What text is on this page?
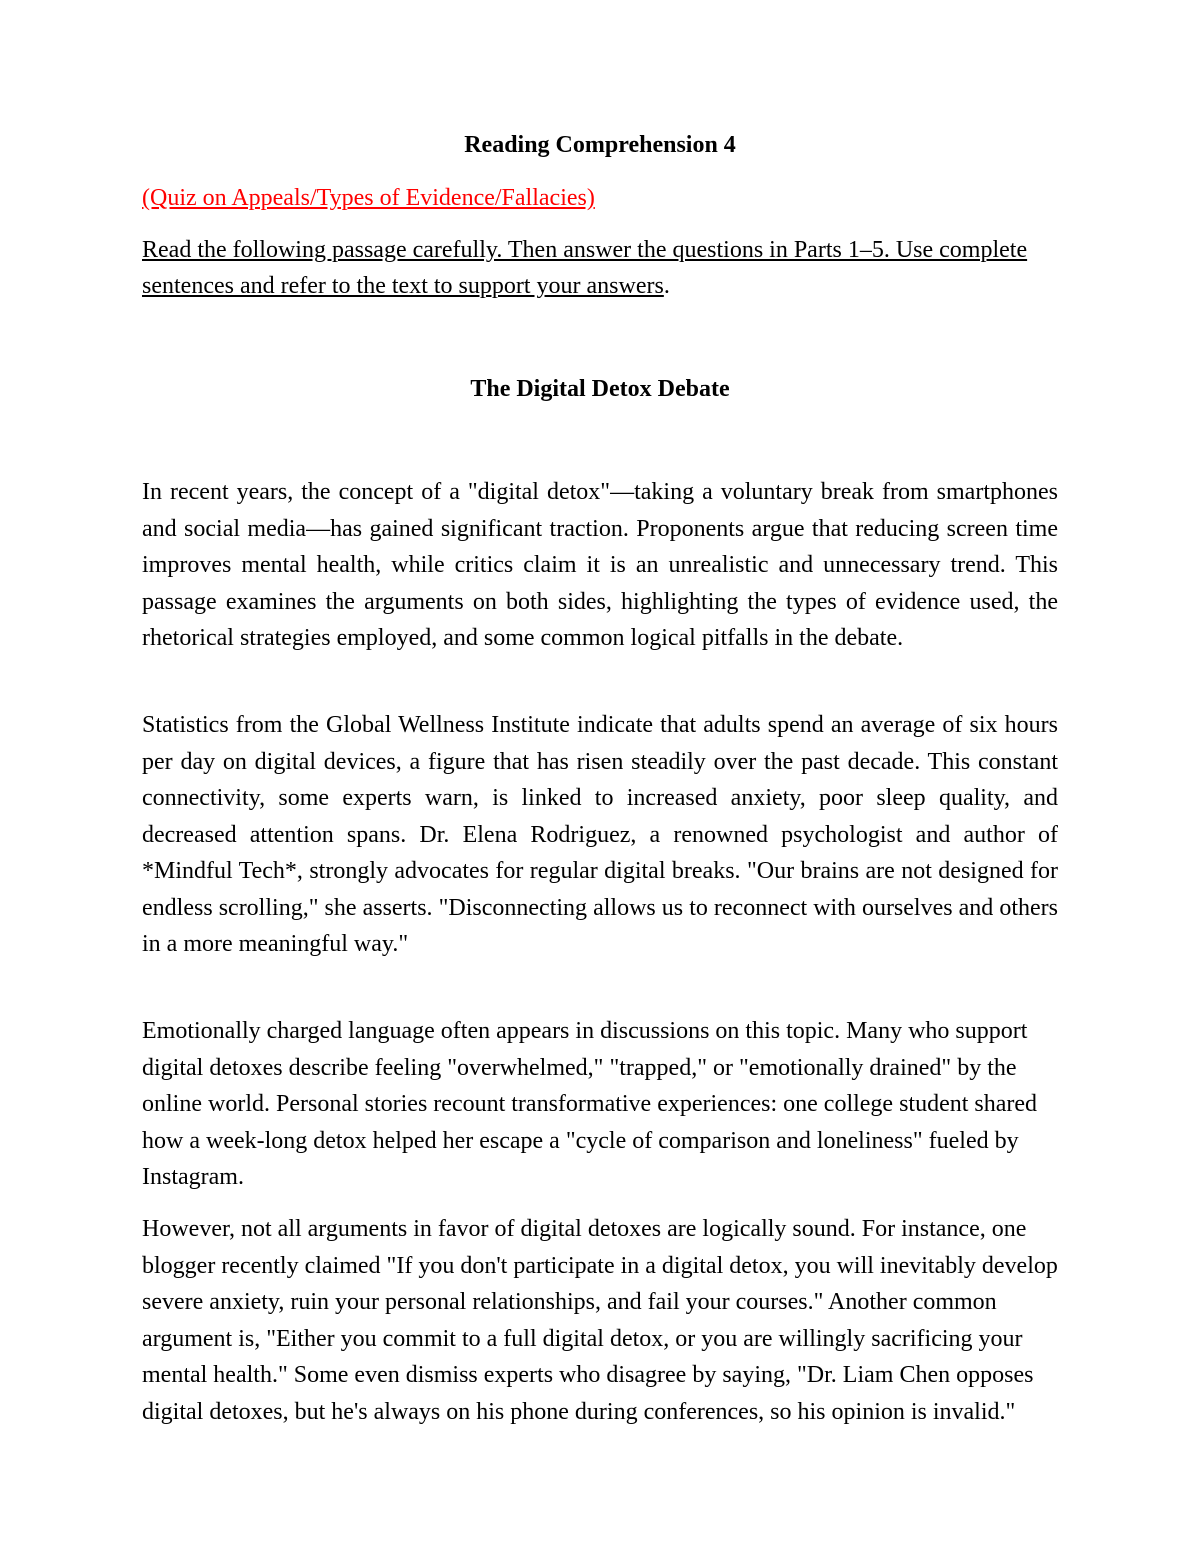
Reading Comprehension 4
(Quiz on Appeals/Types of Evidence/Fallacies)
Read the following passage carefully. Then answer the questions in Parts 1–5. Use complete sentences and refer to the text to support your answers.
The Digital Detox Debate

In recent years, the concept of a "digital detox"—taking a voluntary break from smartphones and social media—has gained significant traction. Proponents argue that reducing screen time improves mental health, while critics claim it is an unrealistic and unnecessary trend. This passage examines the arguments on both sides, highlighting the types of evidence used, the rhetorical strategies employed, and some common logical pitfalls in the debate.

Statistics from the Global Wellness Institute indicate that adults spend an average of six hours per day on digital devices, a figure that has risen steadily over the past decade. This constant connectivity, some experts warn, is linked to increased anxiety, poor sleep quality, and decreased attention spans. Dr. Elena Rodriguez, a renowned psychologist and author of *Mindful Tech*, strongly advocates for regular digital breaks. "Our brains are not designed for endless scrolling," she asserts. "Disconnecting allows us to reconnect with ourselves and others in a more meaningful way."

Emotionally charged language often appears in discussions on this topic. Many who support digital detoxes describe feeling "overwhelmed," "trapped," or "emotionally drained" by the online world. Personal stories recount transformative experiences: one college student shared how a week-long detox helped her escape a "cycle of comparison and loneliness" fueled by Instagram.

However, not all arguments in favor of digital detoxes are logically sound. For instance, one blogger recently claimed "If you don't participate in a digital detox, you will inevitably develop severe anxiety, ruin your personal relationships, and fail your courses." Another common argument is, "Either you commit to a full digital detox, or you are willingly sacrificing your mental health." Some even dismiss experts who disagree by saying, "Dr. Liam Chen opposes digital detoxes, but he's always on his phone during conferences, so his opinion is invalid."
